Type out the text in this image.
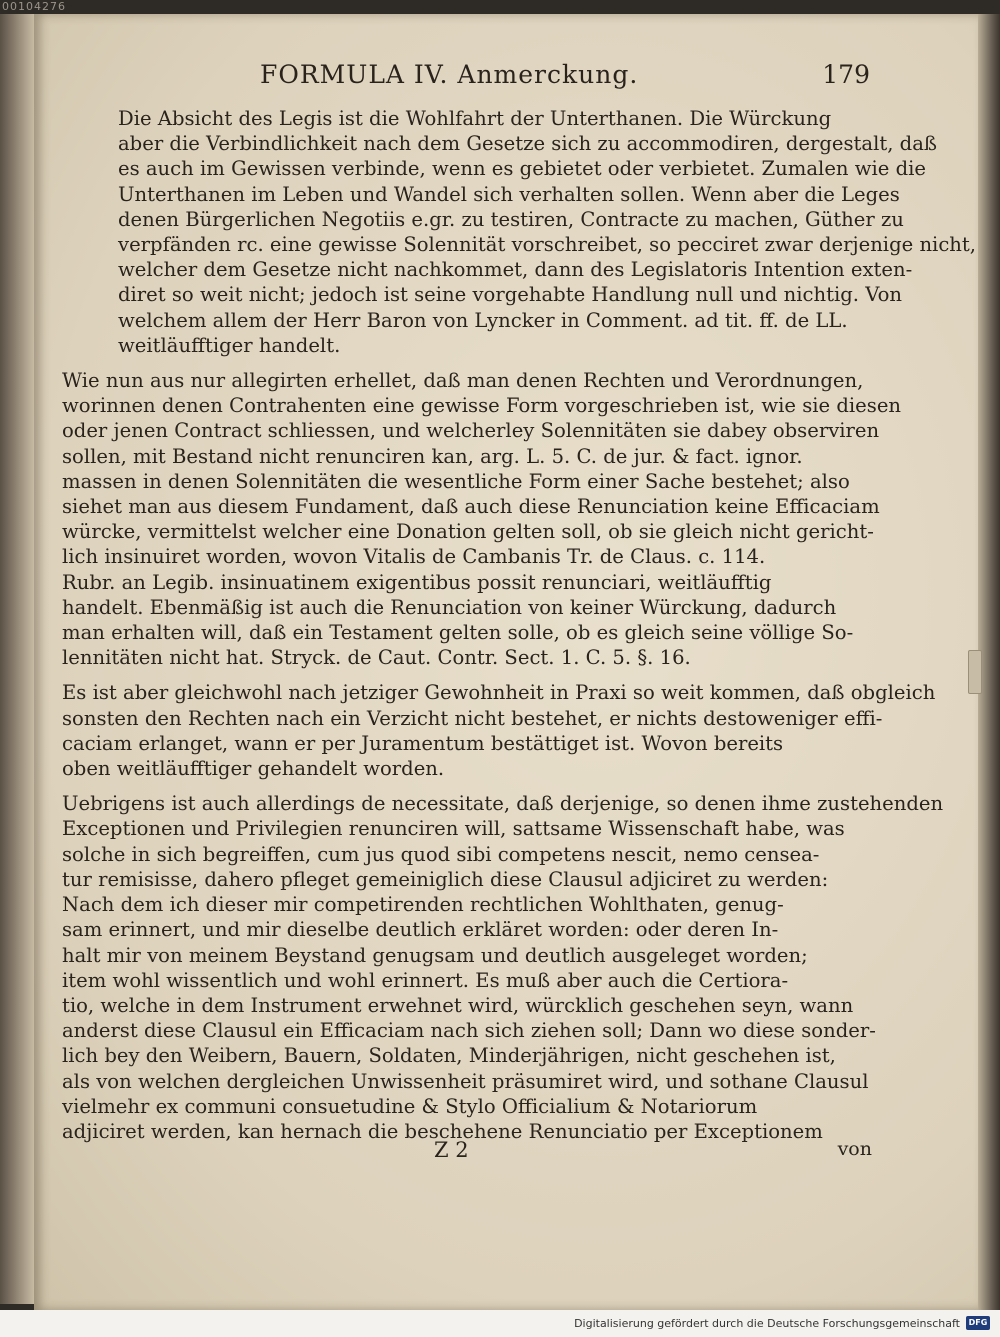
00104276
FORMULA IV. Anmerckung.	179
Die Absicht des Legis ist die Wohlfahrt der Unterthanen. Die Würckung
aber die Verbindlichkeit nach dem Gesetze sich zu accommodiren, dergestalt, daß
es auch im Gewissen verbinde, wenn es gebietet oder verbietet. Zumalen wie die
Unterthanen im Leben und Wandel sich verhalten sollen. Wenn aber die Leges
denen Bürgerlichen Negotiis e.gr. zu testiren, Contracte zu machen, Güther zu
verpfänden rc. eine gewisse Solennität vorschreibet, so pecciret zwar derjenige nicht,
welcher dem Gesetze nicht nachkommet, dann des Legislatoris Intention exten-
diret so weit nicht; jedoch ist seine vorgehabte Handlung null und nichtig. Von
welchem allem der Herr Baron von Lyncker in Comment. ad tit. ff. de LL.
weitläufftiger handelt.
Wie nun aus nur allegirten erhellet, daß man denen Rechten und Verordnungen,
worinnen denen Contrahenten eine gewisse Form vorgeschrieben ist, wie sie diesen
oder jenen Contract schliessen, und welcherley Solennitäten sie dabey observiren
sollen, mit Bestand nicht renunciren kan, arg. L. 5. C. de jur. & fact. ignor.
massen in denen Solennitäten die wesentliche Form einer Sache bestehet; also
siehet man aus diesem Fundament, daß auch diese Renunciation keine Efficaciam
würcke, vermittelst welcher eine Donation gelten soll, ob sie gleich nicht gericht-
lich insinuiret worden, wovon Vitalis de Cambanis Tr. de Claus. c. 114.
Rubr. an Legib. insinuatinem exigentibus possit renunciari, weitläufftig
handelt. Ebenmäßig ist auch die Renunciation von keiner Würckung, dadurch
man erhalten will, daß ein Testament gelten solle, ob es gleich seine völlige So-
lennitäten nicht hat. Stryck. de Caut. Contr. Sect. 1. C. 5. §. 16.
Es ist aber gleichwohl nach jetziger Gewohnheit in Praxi so weit kommen, daß obgleich
sonsten den Rechten nach ein Verzicht nicht bestehet, er nichts destoweniger effi-
caciam erlanget, wann er per Juramentum bestättiget ist. Wovon bereits
oben weitläufftiger gehandelt worden.
Uebrigens ist auch allerdings de necessitate, daß derjenige, so denen ihme zustehenden
Exceptionen und Privilegien renunciren will, sattsame Wissenschaft habe, was
solche in sich begreiffen, cum jus quod sibi competens nescit, nemo censea-
tur remisisse, dahero pfleget gemeiniglich diese Clausul adjiciret zu werden:
Nach dem ich dieser mir competirenden rechtlichen Wohlthaten, genug-
sam erinnert, und mir dieselbe deutlich erkläret worden: oder deren In-
halt mir von meinem Beystand genugsam und deutlich ausgeleget worden;
item wohl wissentlich und wohl erinnert. Es muß aber auch die Certiora-
tio, welche in dem Instrument erwehnet wird, würcklich geschehen seyn, wann
anderst diese Clausul ein Efficaciam nach sich ziehen soll; Dann wo diese sonder-
lich bey den Weibern, Bauern, Soldaten, Minderjährigen, nicht geschehen ist,
als von welchen dergleichen Unwissenheit präsumiret wird, und sothane Clausul
vielmehr ex communi consuetudine & Stylo Officialium & Notariorum
adjiciret werden, kan hernach die beschehene Renunciatio per Exceptionem
Z 2	von
Digitalisierung gefördert durch die Deutsche Forschungsgemeinschaft	DFG
